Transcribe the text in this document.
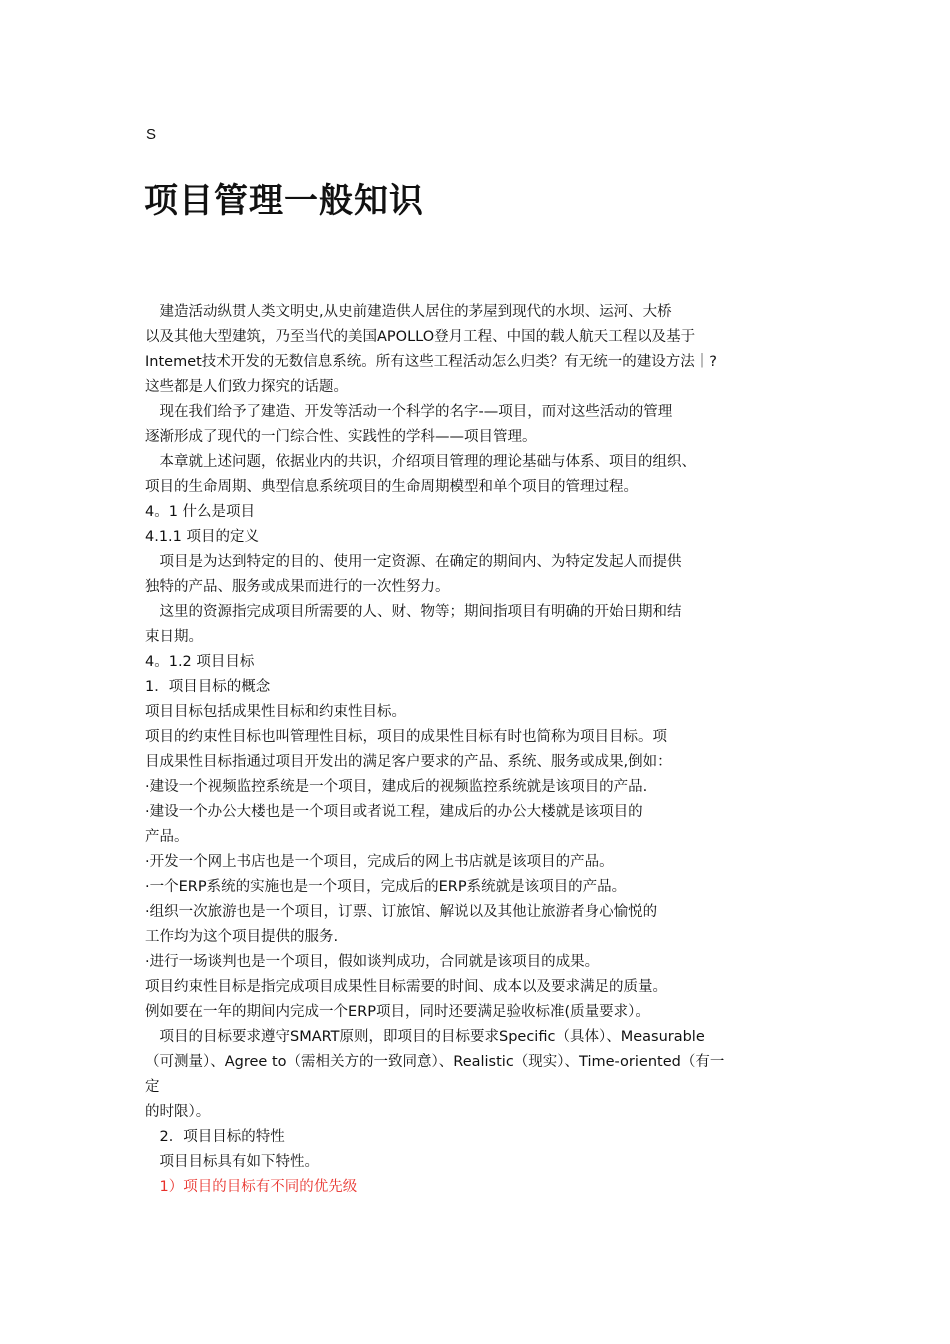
S
项目管理一般知识
　建造活动纵贯人类文明史,从史前建造供人居住的茅屋到现代的水坝、运河、大桥
以及其他大型建筑，乃至当代的美国APOLLO登月工程、中国的载人航天工程以及基于
Intemet技术开发的无数信息系统。所有这些工程活动怎么归类？有无统一的建设方法｜?
这些都是人们致力探究的话题。
　现在我们给予了建造、开发等活动一个科学的名字-—项目，而对这些活动的管理
逐渐形成了现代的一门综合性、实践性的学科——项目管理。
　本章就上述问题，依据业内的共识，介绍项目管理的理论基础与体系、项目的组织、
项目的生命周期、典型信息系统项目的生命周期模型和单个项目的管理过程。
4。1 什么是项目
4.1.1 项目的定义
　项目是为达到特定的目的、使用一定资源、在确定的期间内、为特定发起人而提供
独特的产品、服务或成果而进行的一次性努力。
　这里的资源指完成项目所需要的人、财、物等；期间指项目有明确的开始日期和结
束日期。
4。1.2 项目目标
1．项目目标的概念
项目目标包括成果性目标和约束性目标。
项目的约束性目标也叫管理性目标，项目的成果性目标有时也简称为项目目标。项
目成果性目标指通过项目开发出的满足客户要求的产品、系统、服务或成果,倒如：
·建设一个视频监控系统是一个项目，建成后的视频监控系统就是该项目的产品.
·建设一个办公大楼也是一个项目或者说工程，建成后的办公大楼就是该项目的
产品。
·开发一个网上书店也是一个项目，完成后的网上书店就是该项目的产品。
·一个ERP系统的实施也是一个项目，完成后的ERP系统就是该项目的产品。
·组织一次旅游也是一个项目，订票、订旅馆、解说以及其他让旅游者身心愉悦的
工作均为这个项目提供的服务.
·进行一场谈判也是一个项目，假如谈判成功，合同就是该项目的成果。
项目约束性目标是指完成项目成果性目标需要的时间、成本以及要求满足的质量。
例如要在一年的期间内完成一个ERP项目，同时还要满足验收标准(质量要求）。
　项目的目标要求遵守SMART原则，即项目的目标要求Specific（具体）、Measurable
（可测量）、Agree to（需相关方的一致同意）、Realistic（现实）、Time-oriented（有一
定
的时限）。
　2．项目目标的特性
　项目目标具有如下特性。
　1）项目的目标有不同的优先级
